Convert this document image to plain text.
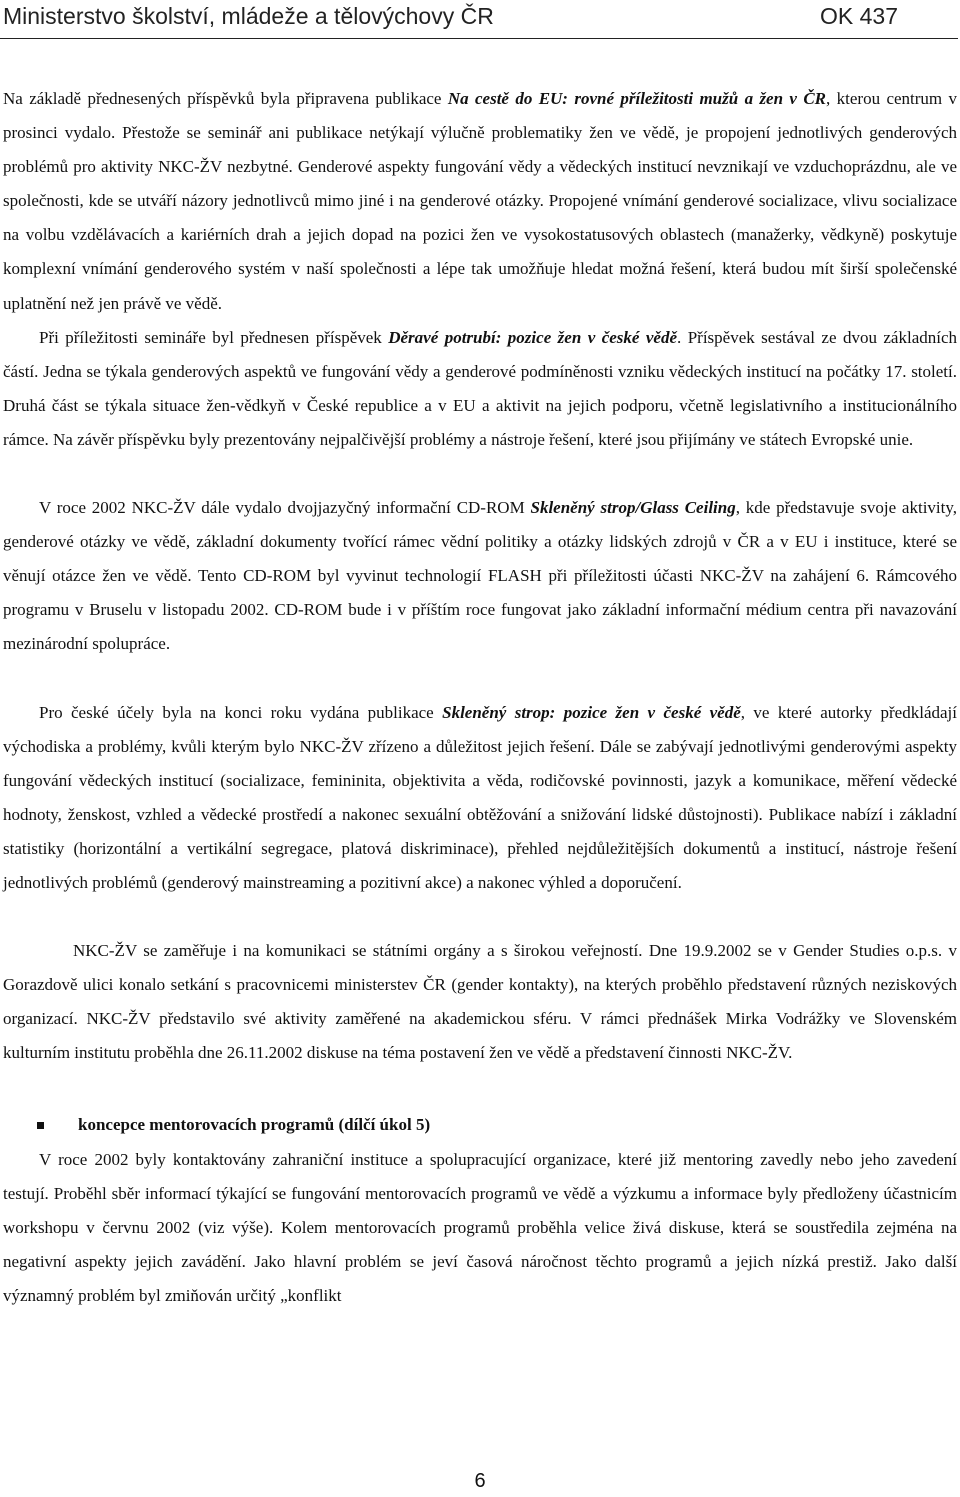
Ministerstvo školství, mládeže a tělovýchovy ČR	OK 437

Na základě přednesených příspěvků byla připravena publikace Na cestě do EU: rovné příležitosti mužů a žen v ČR, kterou centrum v prosinci vydalo. Přestože se seminář ani publikace netýkají výlučně problematiky žen ve vědě, je propojení jednotlivých genderových problémů pro aktivity NKC-ŽV nezbytné. Genderové aspekty fungování vědy a vědeckých institucí nevznikají ve vzduchoprázdnu, ale ve společnosti, kde se utváří názory jednotlivců mimo jiné i na genderové otázky. Propojené vnímání genderové socializace, vlivu socializace na volbu vzdělávacích a kariérních drah a jejich dopad na pozici žen ve vysokostatusových oblastech (manažerky, vědkyně) poskytuje komplexní vnímání genderového systém v naší společnosti a lépe tak umožňuje hledat možná řešení, která budou mít širší společenské uplatnění než jen právě ve vědě.

Při příležitosti semináře byl přednesen příspěvek Děravé potrubí: pozice žen v české vědě. Příspěvek sestával ze dvou základních částí. Jedna se týkala genderových aspektů ve fungování vědy a genderové podmíněnosti vzniku vědeckých institucí na počátky 17. století. Druhá část se týkala situace žen-vědkyň v České republice a v EU a aktivit na jejich podporu, včetně legislativního a institucionálního rámce. Na závěr příspěvku byly prezentovány nejpalčivější problémy a nástroje řešení, které jsou přijímány ve státech Evropské unie.

V roce 2002 NKC-ŽV dále vydalo dvojjazyčný informační CD-ROM Skleněný strop/Glass Ceiling, kde představuje svoje aktivity, genderové otázky ve vědě, základní dokumenty tvořící rámec vědní politiky a otázky lidských zdrojů v ČR a v EU i instituce, které se věnují otázce žen ve vědě. Tento CD-ROM byl vyvinut technologií FLASH při příležitosti účasti NKC-ŽV na zahájení 6. Rámcového programu v Bruselu v listopadu 2002. CD-ROM bude i v příštím roce fungovat jako základní informační médium centra při navazování mezinárodní spolupráce.

Pro české účely byla na konci roku vydána publikace Skleněný strop: pozice žen v české vědě, ve které autorky předkládají východiska a problémy, kvůli kterým bylo NKC-ŽV zřízeno a důležitost jejich řešení. Dále se zabývají jednotlivými genderovými aspekty fungování vědeckých institucí (socializace, femininita, objektivita a věda, rodičovské povinnosti, jazyk a komunikace, měření vědecké hodnoty, ženskost, vzhled a vědecké prostředí a nakonec sexuální obtěžování a snižování lidské důstojnosti). Publikace nabízí i základní statistiky (horizontální a vertikální segregace, platová diskriminace), přehled nejdůležitějších dokumentů a institucí, nástroje řešení jednotlivých problémů (genderový mainstreaming a pozitivní akce) a nakonec výhled a doporučení.

NKC-ŽV se zaměřuje i na komunikaci se státními orgány a s širokou veřejností. Dne 19.9.2002 se v Gender Studies o.p.s. v Gorazdově ulici konalo setkání s pracovnicemi ministerstev ČR (gender kontakty), na kterých proběhlo představení různých neziskových organizací. NKC-ŽV představilo své aktivity zaměřené na akademickou sféru. V rámci přednášek Mirka Vodrážky ve Slovenském kulturním institutu proběhla dne 26.11.2002 diskuse na téma postavení žen ve vědě a představení činnosti NKC-ŽV.

koncepce mentorovacích programů (dílčí úkol 5)

V roce 2002 byly kontaktovány zahraniční instituce a spolupracující organizace, které již mentoring zavedly nebo jeho zavedení testují. Proběhl sběr informací týkající se fungování mentorovacích programů ve vědě a výzkumu a informace byly předloženy účastnicím workshopu v červnu 2002 (viz výše). Kolem mentorovacích programů proběhla velice živá diskuse, která se soustředila zejména na negativní aspekty jejich zavádění. Jako hlavní problém se jeví časová náročnost těchto programů a jejich nízká prestiž. Jako další významný problém byl zmiňován určitý „konflikt

6
